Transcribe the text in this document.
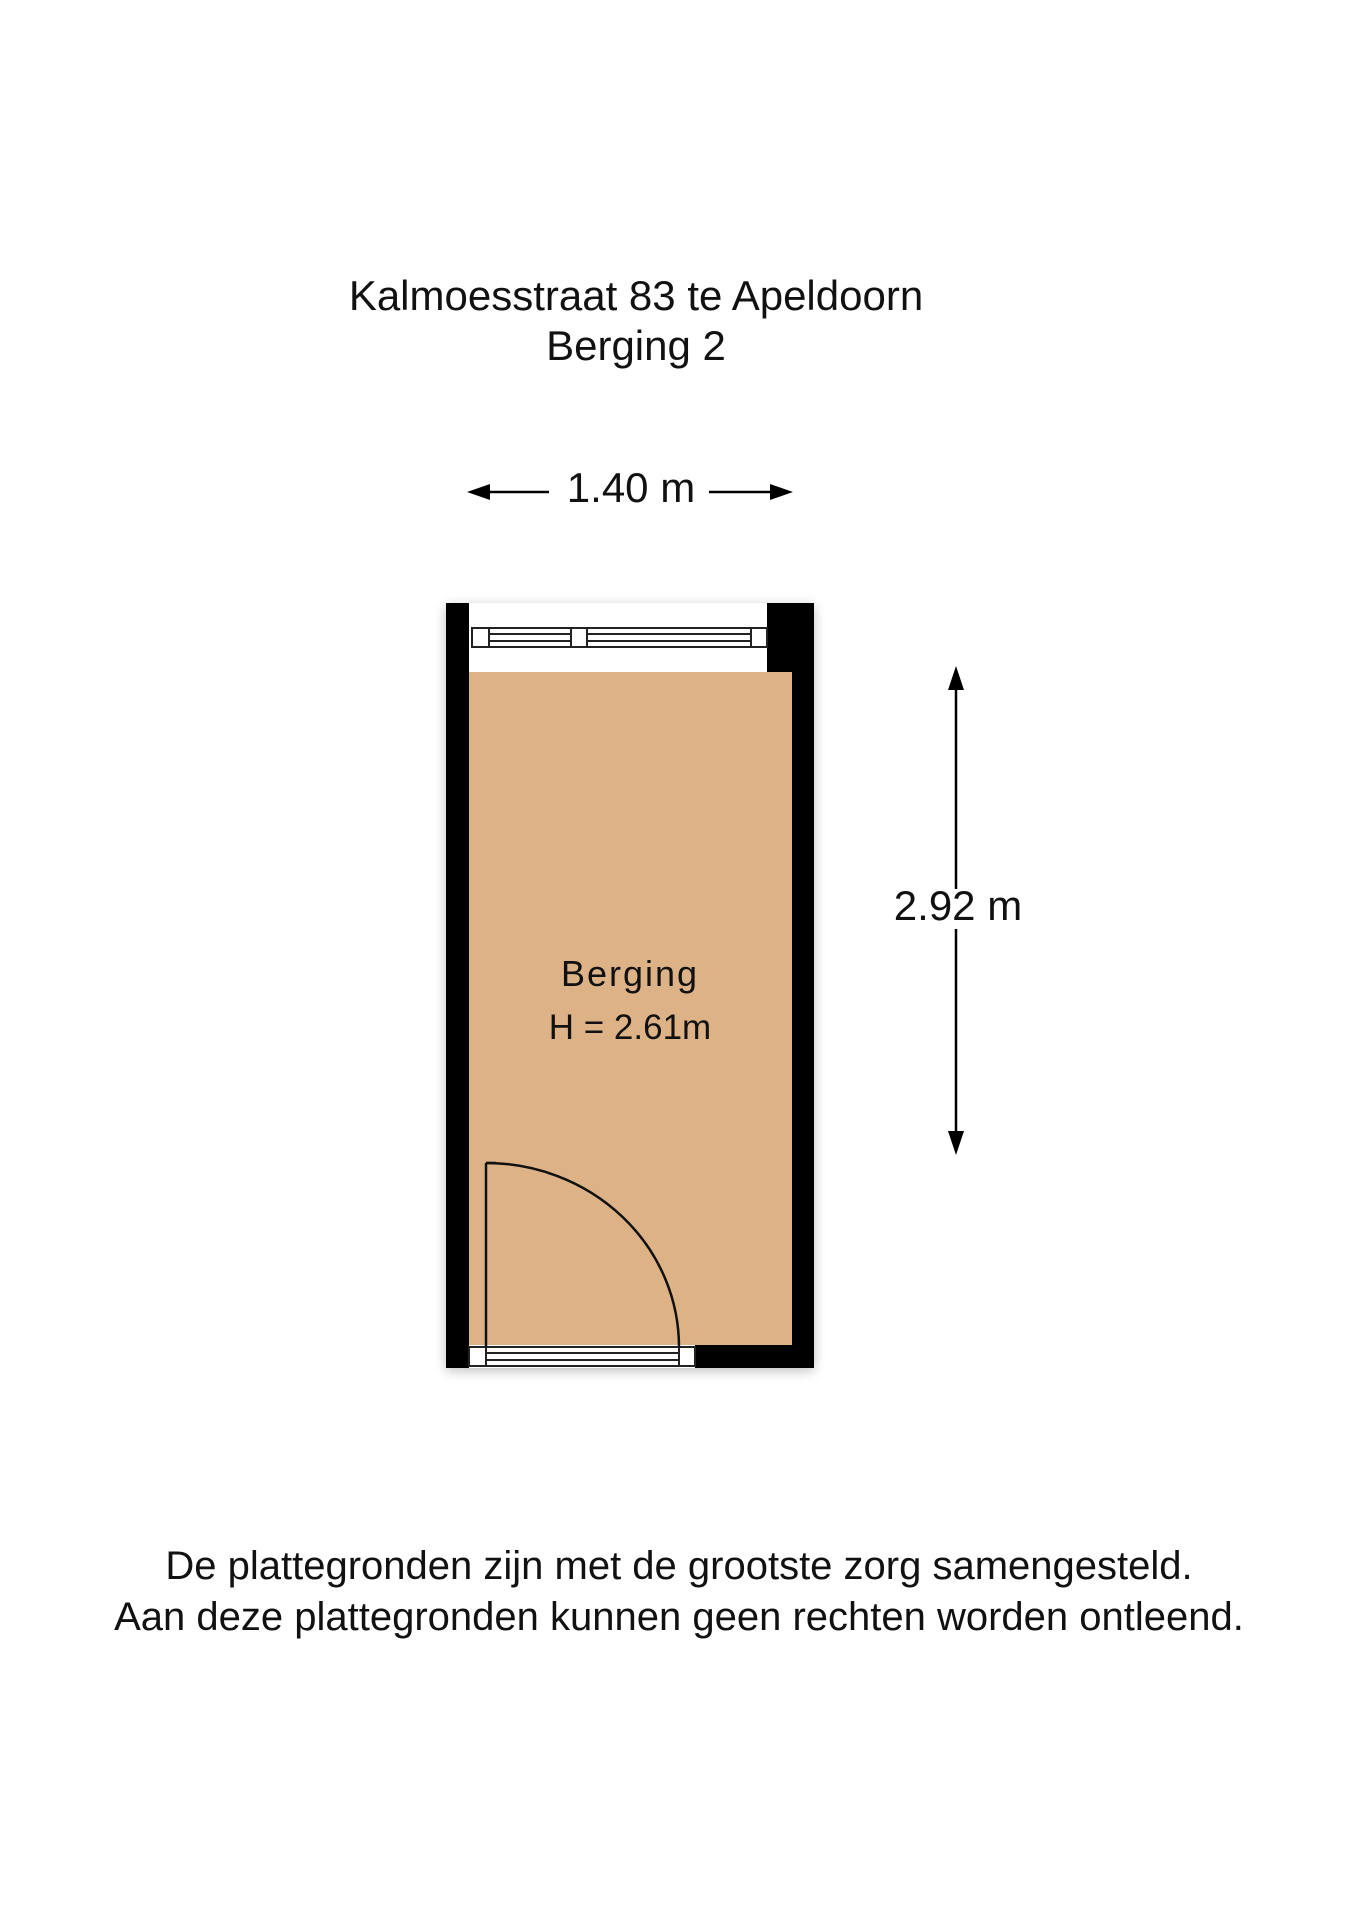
Kalmoesstraat 83 te Apeldoorn
Berging 2
1.40 m
2.92 m
Berging
H = 2.61m
De plattegronden zijn met de grootste zorg samengesteld.
Aan deze plattegronden kunnen geen rechten worden ontleend.
